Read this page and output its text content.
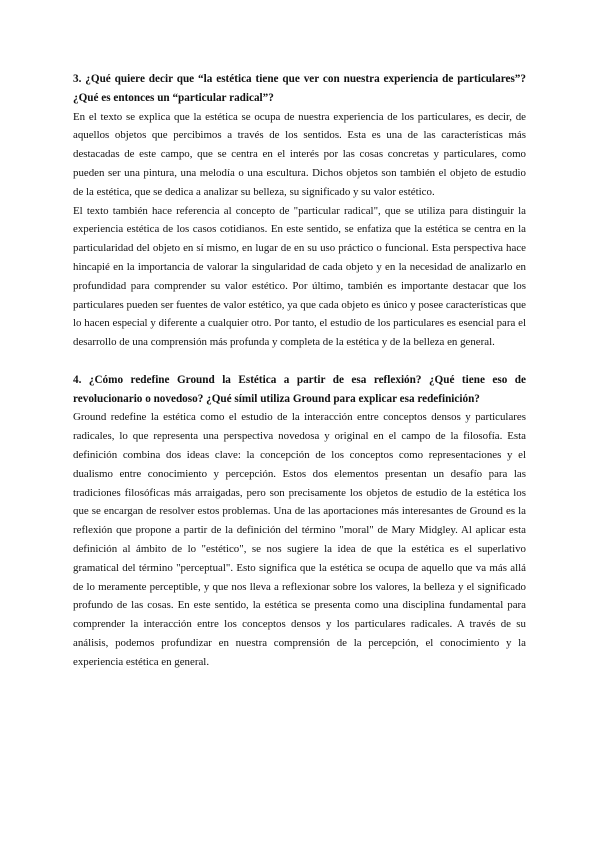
3. ¿Qué quiere decir que “la estética tiene que ver con nuestra experiencia de particulares”? ¿Qué es entonces un “particular radical”?

En el texto se explica que la estética se ocupa de nuestra experiencia de los particulares, es decir, de aquellos objetos que percibimos a través de los sentidos. Esta es una de las características más destacadas de este campo, que se centra en el interés por las cosas concretas y particulares, como pueden ser una pintura, una melodía o una escultura. Dichos objetos son también el objeto de estudio de la estética, que se dedica a analizar su belleza, su significado y su valor estético.

El texto también hace referencia al concepto de "particular radical", que se utiliza para distinguir la experiencia estética de los casos cotidianos. En este sentido, se enfatiza que la estética se centra en la particularidad del objeto en sí mismo, en lugar de en su uso práctico o funcional. Esta perspectiva hace hincapié en la importancia de valorar la singularidad de cada objeto y en la necesidad de analizarlo en profundidad para comprender su valor estético. Por último, también es importante destacar que los particulares pueden ser fuentes de valor estético, ya que cada objeto es único y posee características que lo hacen especial y diferente a cualquier otro. Por tanto, el estudio de los particulares es esencial para el desarrollo de una comprensión más profunda y completa de la estética y de la belleza en general.

4. ¿Cómo redefine Ground la Estética a partir de esa reflexión? ¿Qué tiene eso de revolucionario o novedoso? ¿Qué símil utiliza Ground para explicar esa redefinición?

Ground redefine la estética como el estudio de la interacción entre conceptos densos y particulares radicales, lo que representa una perspectiva novedosa y original en el campo de la filosofía. Esta definición combina dos ideas clave: la concepción de los conceptos como representaciones y el dualismo entre conocimiento y percepción. Estos dos elementos presentan un desafío para las tradiciones filosóficas más arraigadas, pero son precisamente los objetos de estudio de la estética los que se encargan de resolver estos problemas. Una de las aportaciones más interesantes de Ground es la reflexión que propone a partir de la definición del término "moral" de Mary Midgley. Al aplicar esta definición al ámbito de lo "estético", se nos sugiere la idea de que la estética es el superlativo gramatical del término "perceptual". Esto significa que la estética se ocupa de aquello que va más allá de lo meramente perceptible, y que nos lleva a reflexionar sobre los valores, la belleza y el significado profundo de las cosas. En este sentido, la estética se presenta como una disciplina fundamental para comprender la interacción entre los conceptos densos y los particulares radicales. A través de su análisis, podemos profundizar en nuestra comprensión de la percepción, el conocimiento y la experiencia estética en general.
